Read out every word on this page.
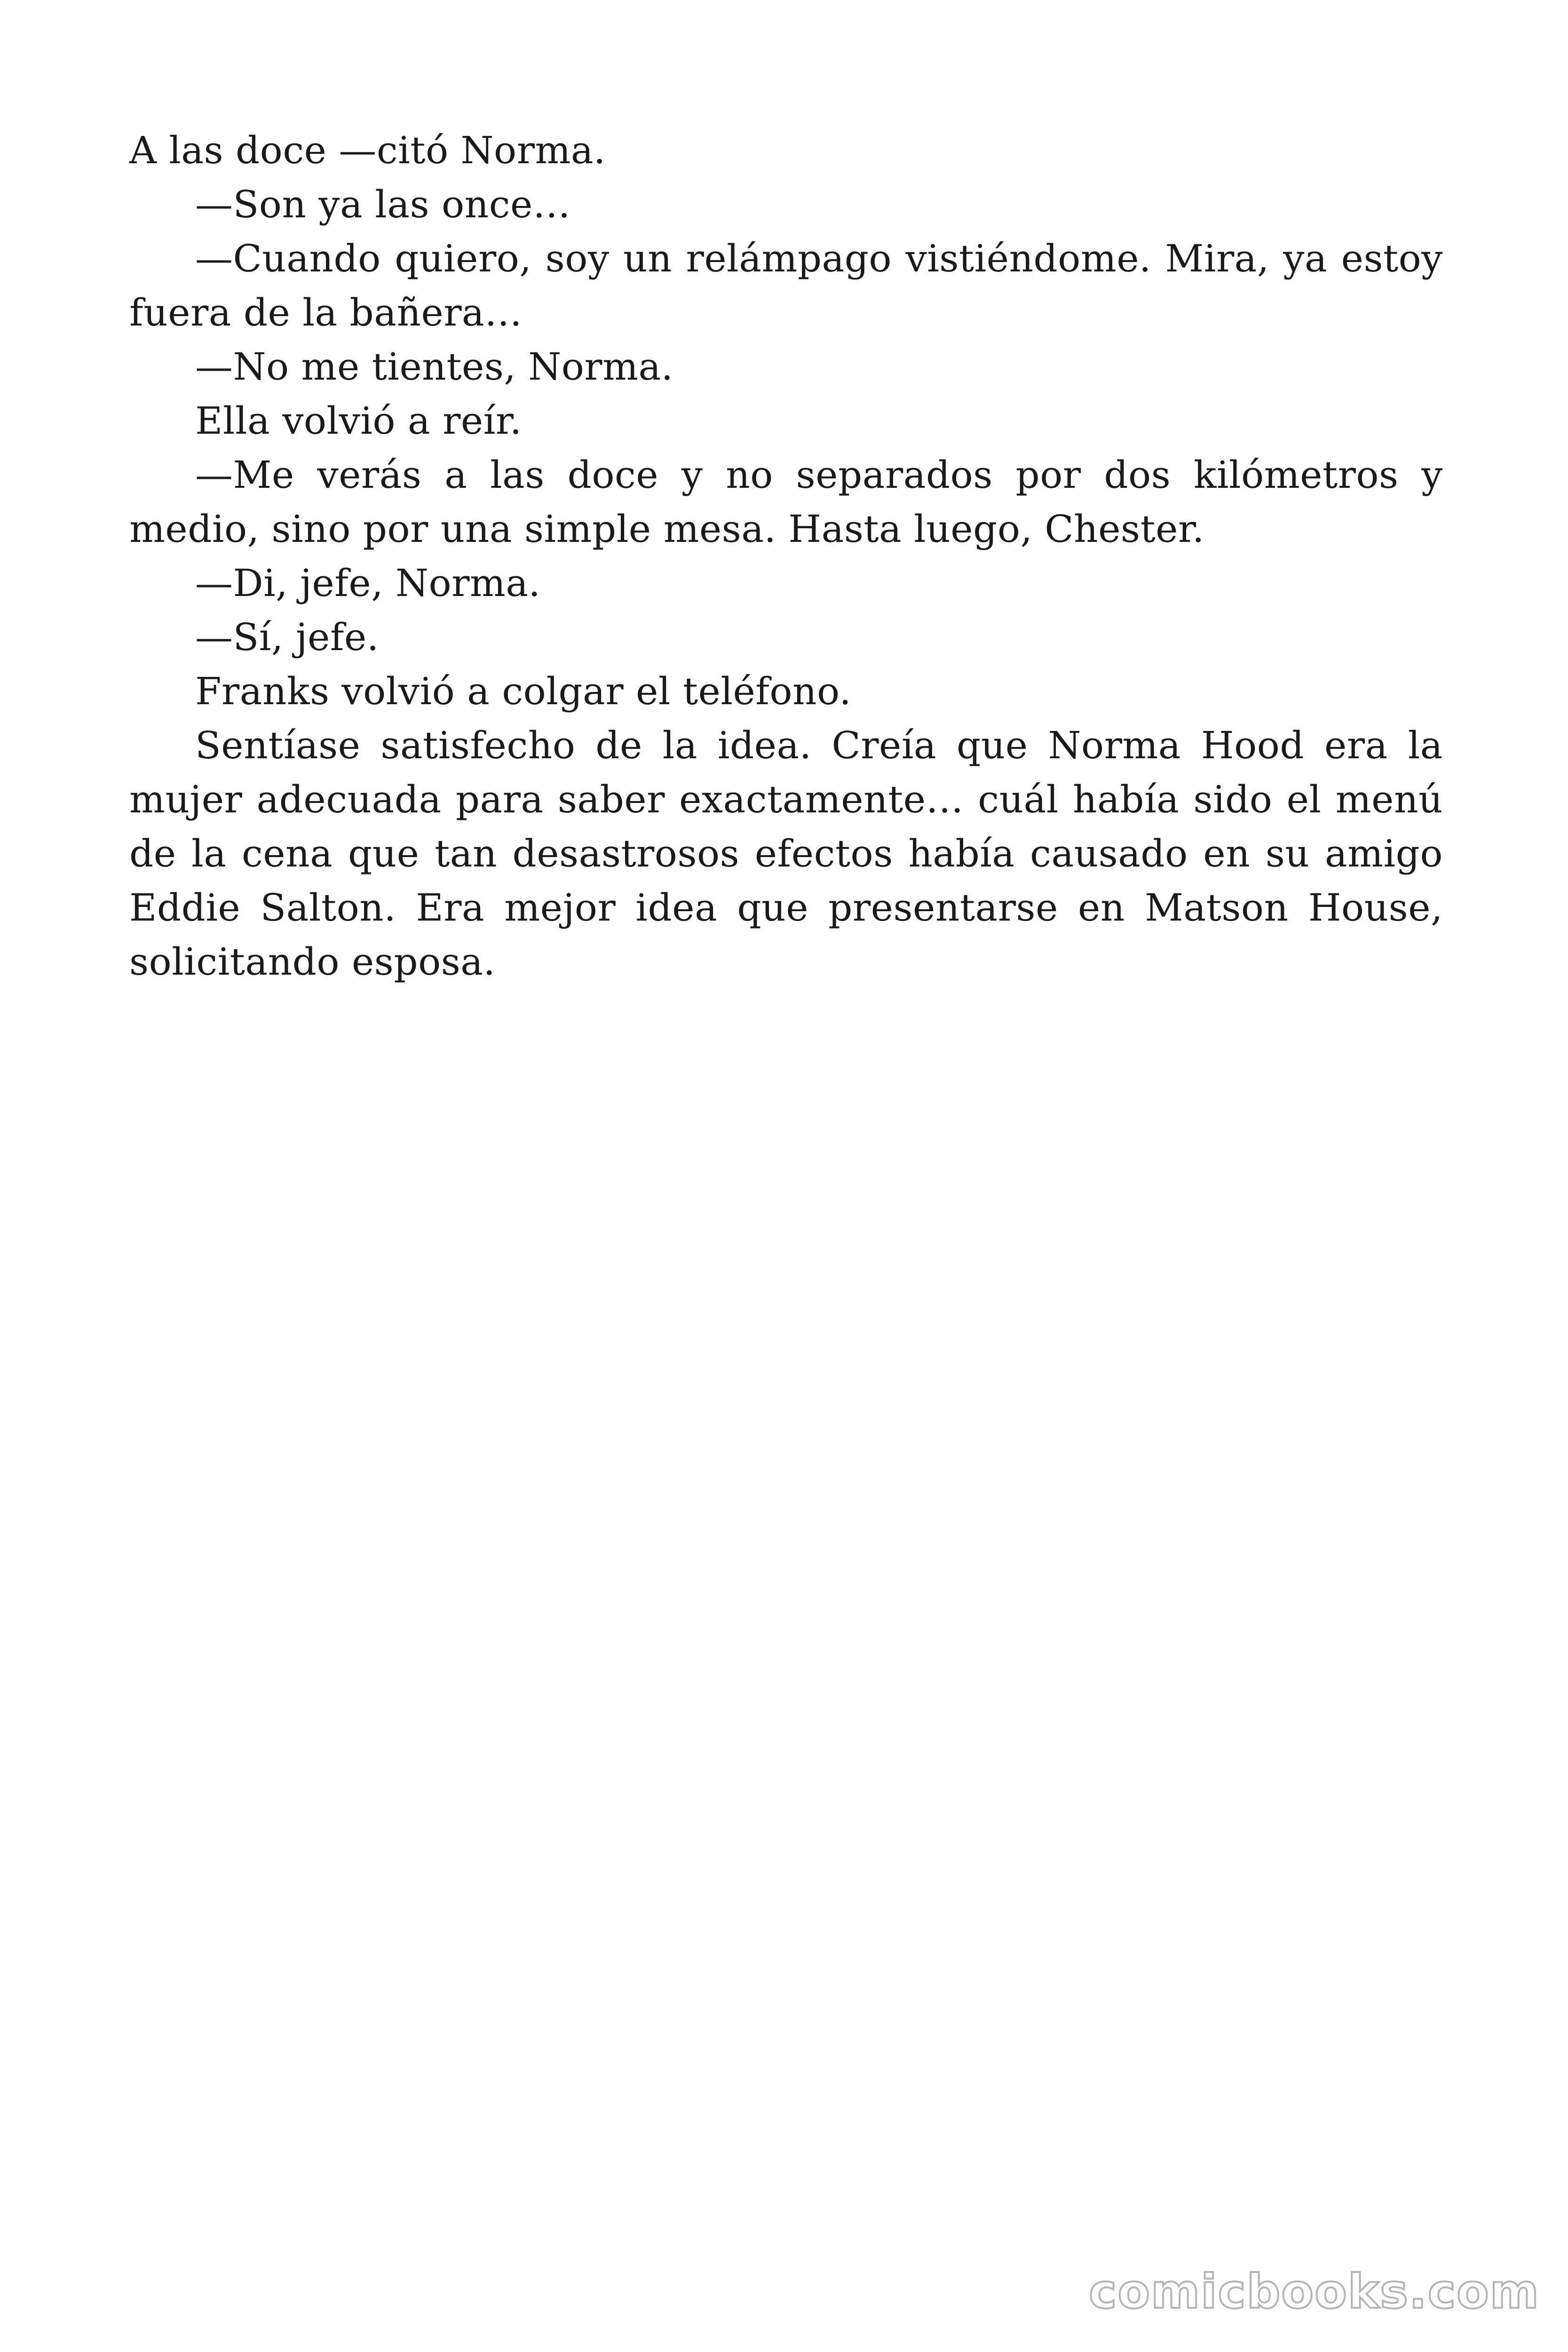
A las doce —citó Norma.

—Son ya las once…

—Cuando quiero, soy un relámpago vistiéndome. Mira, ya estoy fuera de la bañera…

—No me tientes, Norma.

Ella volvió a reír.

—Me verás a las doce y no separados por dos kilómetros y medio, sino por una simple mesa. Hasta luego, Chester.

—Di, jefe, Norma.

—Sí, jefe.

Franks volvió a colgar el teléfono.

Sentíase satisfecho de la idea. Creía que Norma Hood era la mujer adecuada para saber exactamente… cuál había sido el menú de la cena que tan desastrosos efectos había causado en su amigo Eddie Salton. Era mejor idea que presentarse en Matson House, solicitando esposa.

comicbooks.com
